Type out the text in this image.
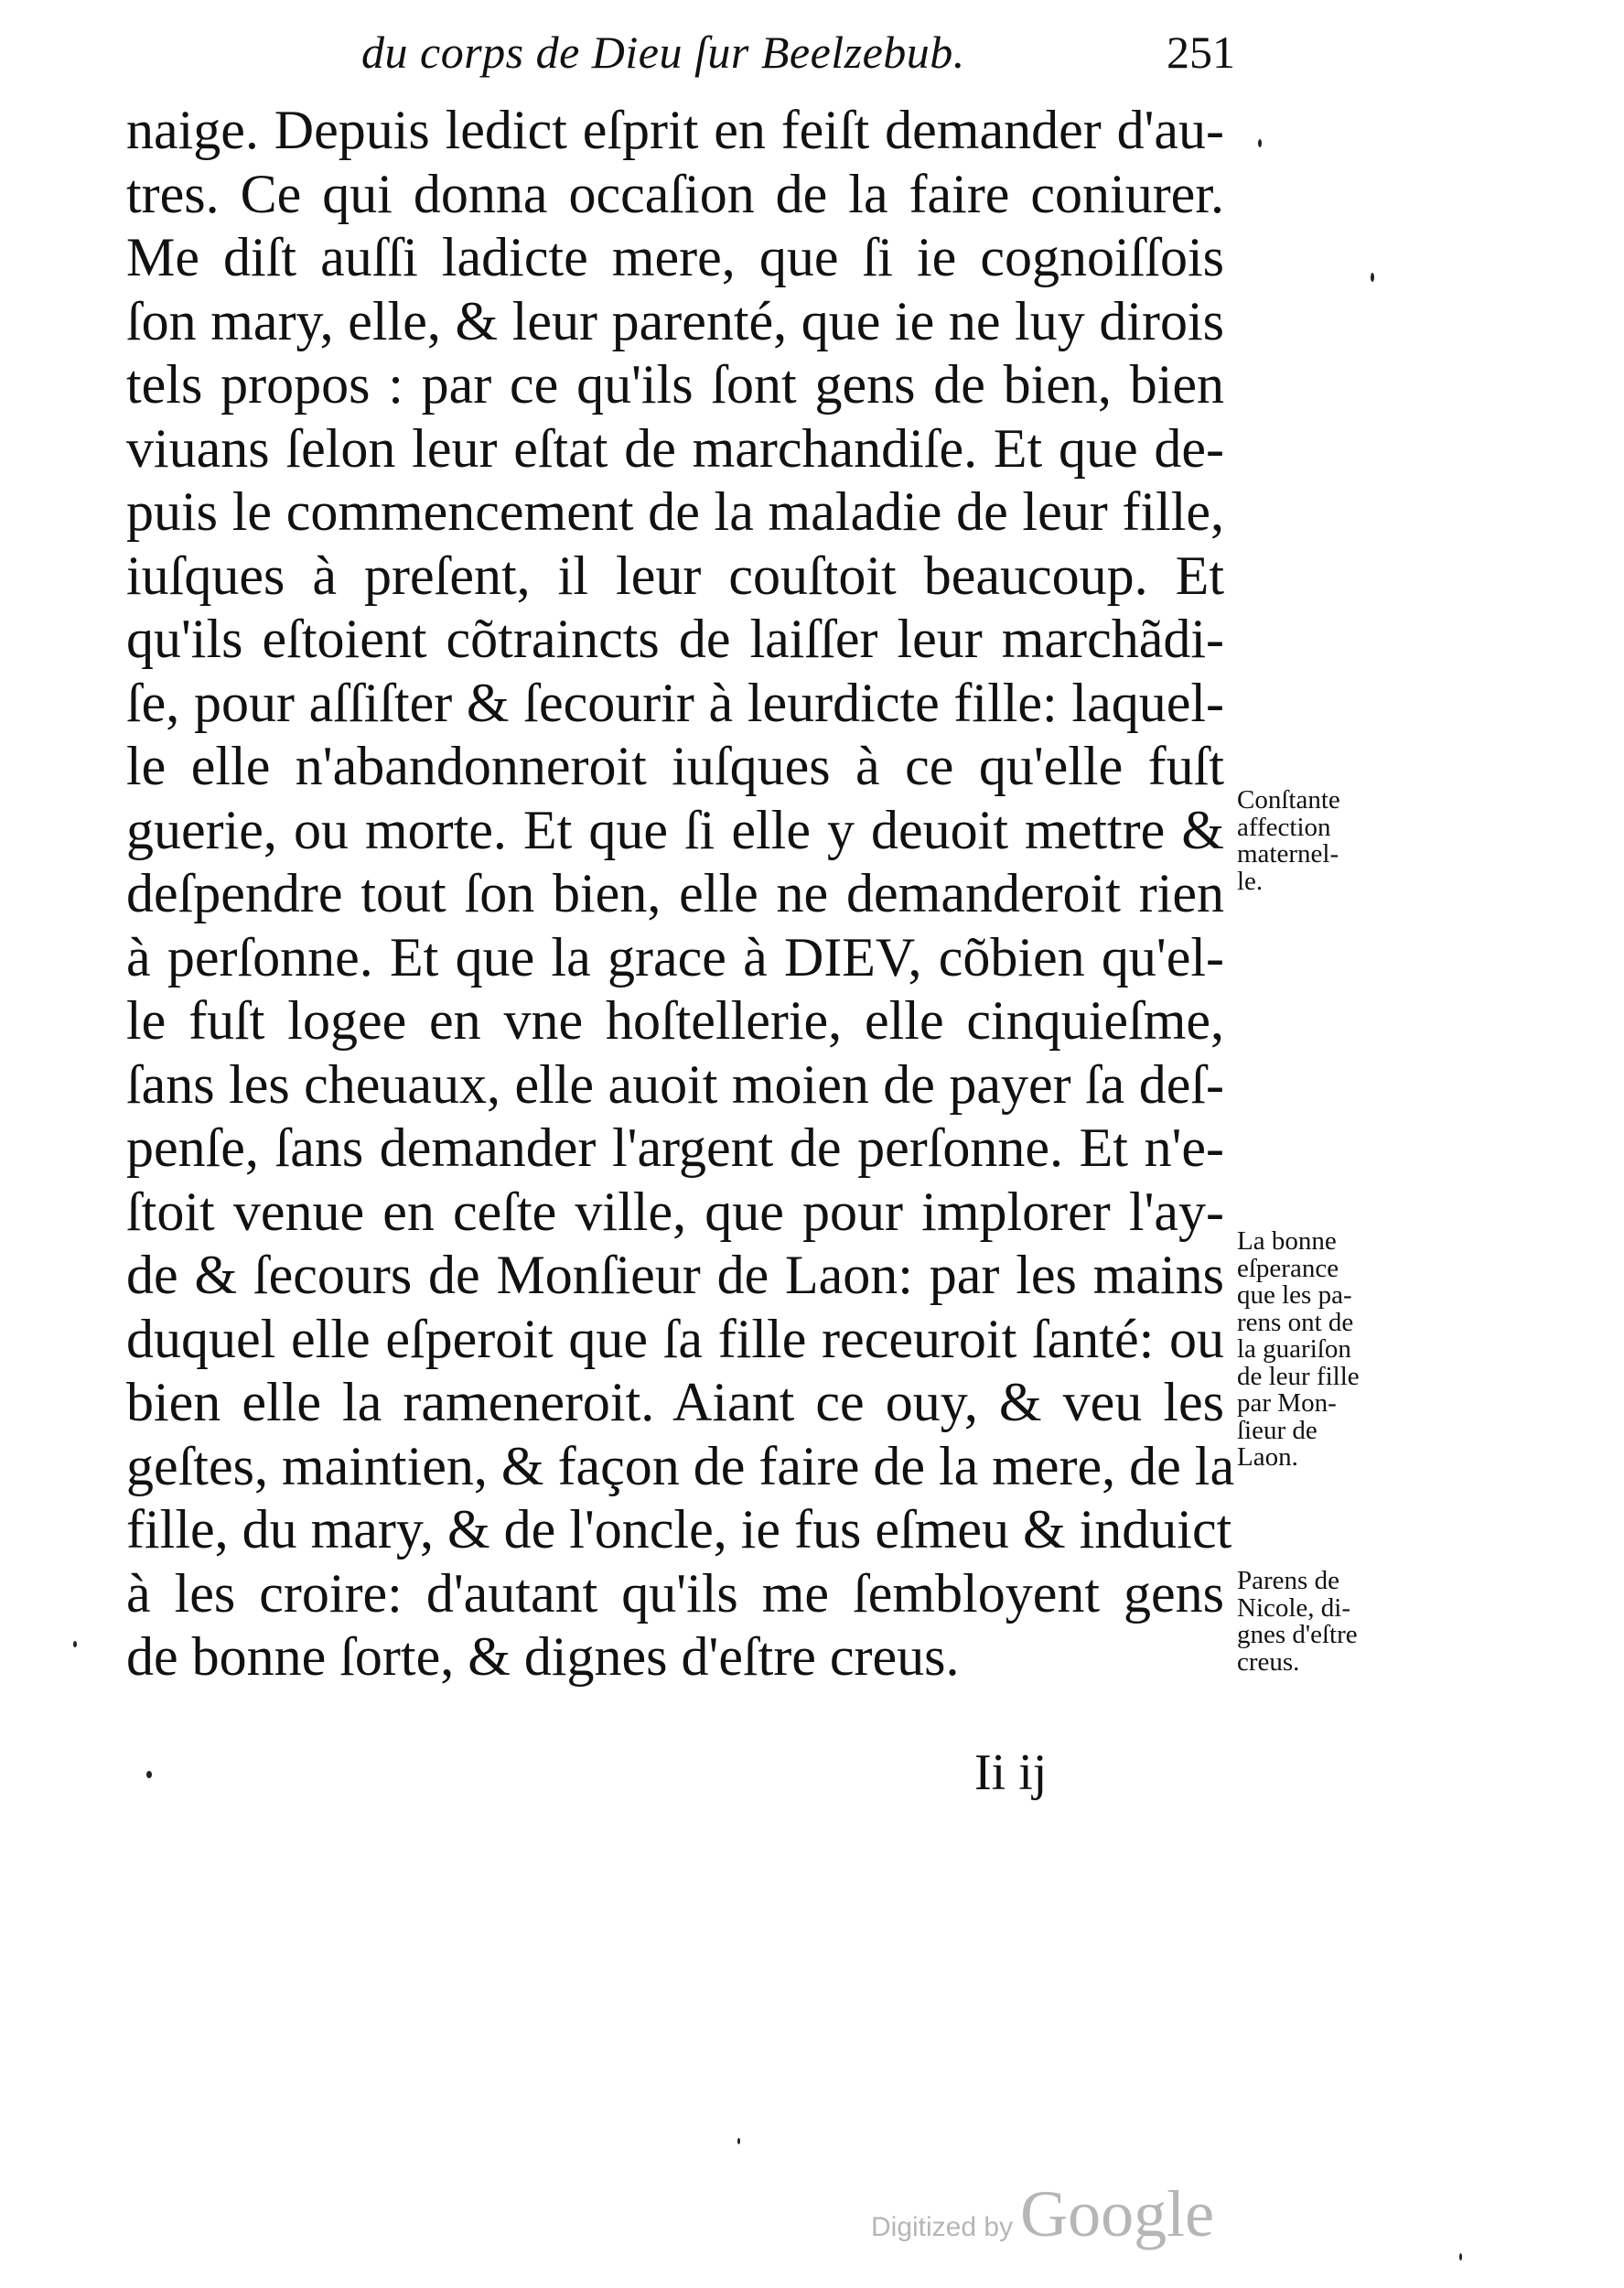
du corps de Dieu ſur Beelzebub.	251
naige. Depuis ledict eſprit en feiſt demander d'au-
tres. Ce qui donna occaſion de la faire coniurer.
Me diſt auſſi ladicte mere, que ſi ie cognoiſſois
ſon mary, elle, & leur parenté, que ie ne luy dirois
tels propos : par ce qu'ils ſont gens de bien, bien
viuans ſelon leur eſtat de marchandiſe. Et que de-
puis le commencement de la maladie de leur fille,
iuſques à preſent, il leur couſtoit beaucoup. Et
qu'ils eſtoient cõtraincts de laiſſer leur marchãdi-
ſe, pour aſſiſter & ſecourir à leurdicte fille: laquel-
le elle n'abandonneroit iuſques à ce qu'elle fuſt
guerie, ou morte. Et que ſi elle y deuoit mettre &
deſpendre tout ſon bien, elle ne demanderoit rien
à perſonne. Et que la grace à DIEV, cõbien qu'el-
le fuſt logee en vne hoſtellerie, elle cinquieſme,
ſans les cheuaux, elle auoit moien de payer ſa deſ-
penſe, ſans demander l'argent de perſonne. Et n'e-
ſtoit venue en ceſte ville, que pour implorer l'ay-
de & ſecours de Monſieur de Laon: par les mains
duquel elle eſperoit que ſa fille receuroit ſanté: ou
bien elle la rameneroit. Aiant ce ouy, & veu les
geſtes, maintien, & façon de faire de la mere, de la
fille, du mary, & de l'oncle, ie fus eſmeu & induict
à les croire: d'autant qu'ils me ſembloyent gens
de bonne ſorte, & dignes d'eſtre creus.
Conſtante
affection
maternel-
le.
La bonne
eſperance
que les pa-
rens ont de
la guariſon
de leur fille
par Mon-
ſieur de
Laon.
Parens de
Nicole, di-
gnes d'eſtre
creus.
Ii ij
Digitized by Google
